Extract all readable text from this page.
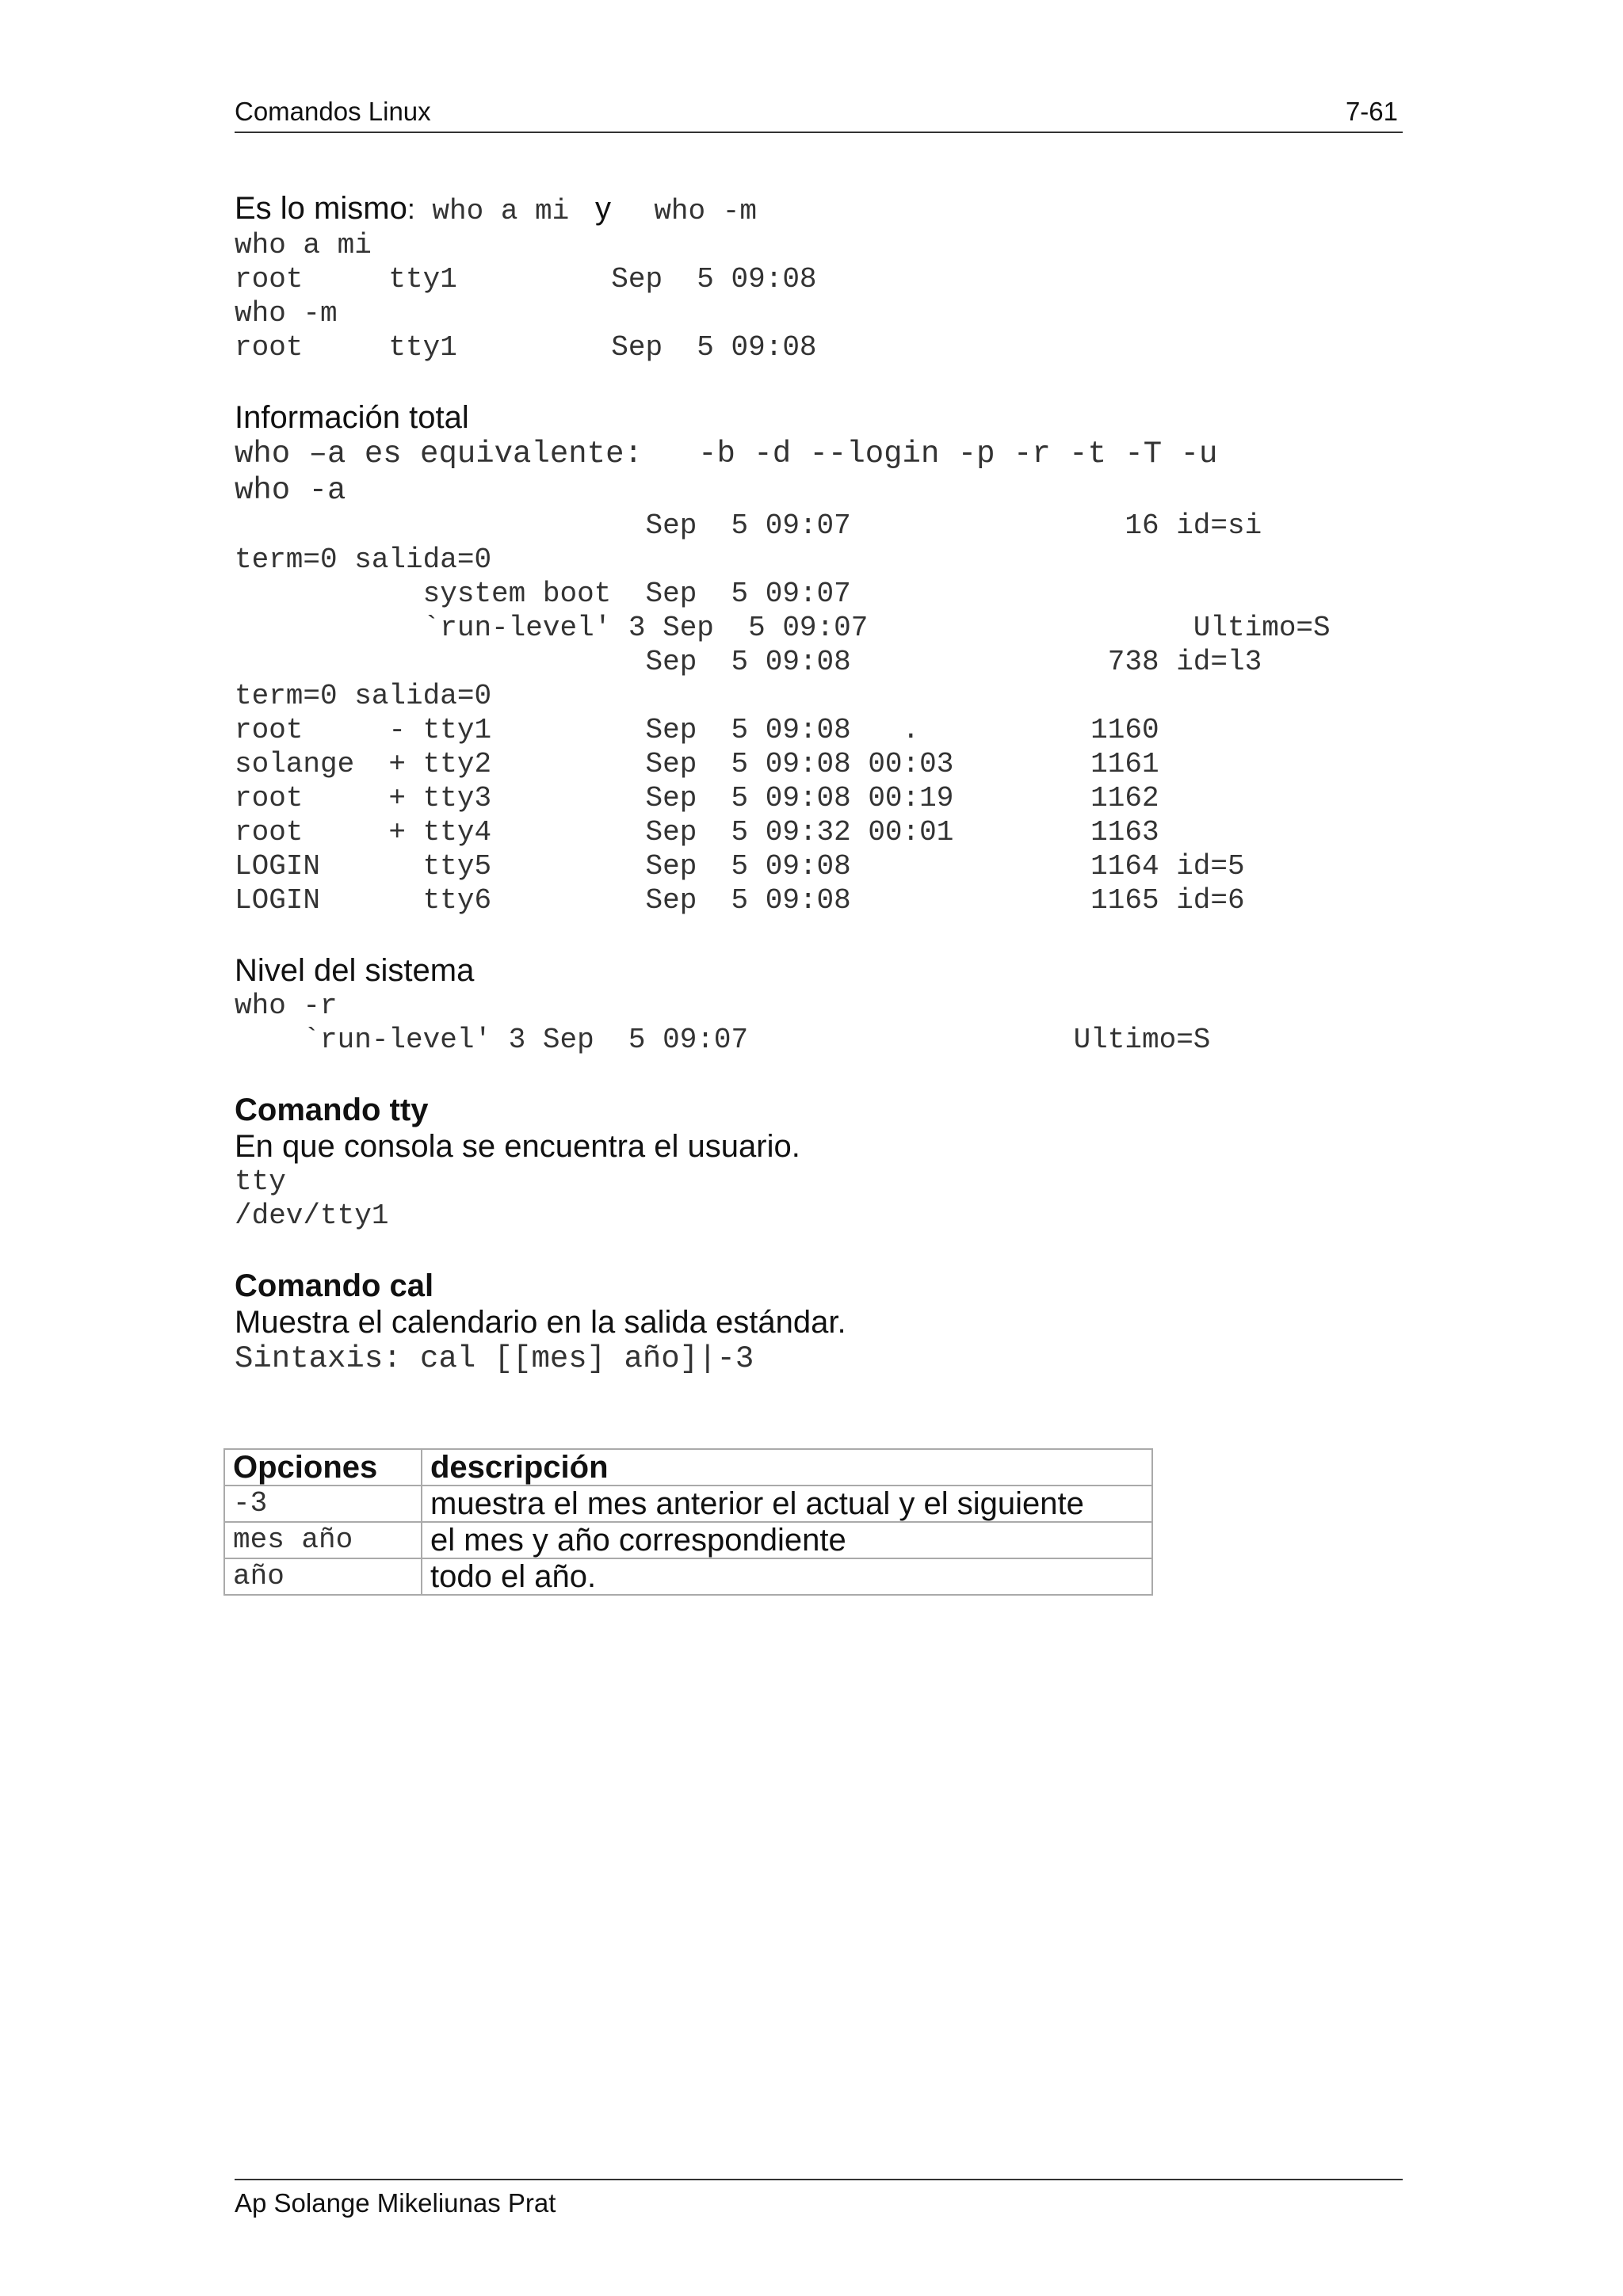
Comandos Linux	7-61
Es lo mismo: who a mi  y   who -m
who a mi
root     tty1         Sep  5 09:08
who -m
root     tty1         Sep  5 09:08
Información total
who –a es equivalente:   -b -d --login -p -r -t -T -u
who -a
Sep  5 09:07                16 id=si
term=0 salida=0
system boot  Sep  5 09:07
`run-level' 3 Sep  5 09:07                   Ultimo=S
Sep  5 09:08               738 id=l3
term=0 salida=0
root     - tty1         Sep  5 09:08   .          1160
solange  + tty2         Sep  5 09:08 00:03        1161
root     + tty3         Sep  5 09:08 00:19        1162
root     + tty4         Sep  5 09:32 00:01        1163
LOGIN      tty5         Sep  5 09:08              1164 id=5
LOGIN      tty6         Sep  5 09:08              1165 id=6
Nivel del sistema
who -r
`run-level' 3 Sep  5 09:07                   Ultimo=S
Comando tty
En que consola se encuentra el usuario.
tty
/dev/tty1
Comando cal
Muestra el calendario en la salida estándar.
Sintaxis: cal [[mes] año]|-3
Opciones	descripción
-3	muestra el mes anterior el actual y el siguiente
mes año	el mes y año correspondiente
año	todo el año.
Ap Solange Mikeliunas Prat
